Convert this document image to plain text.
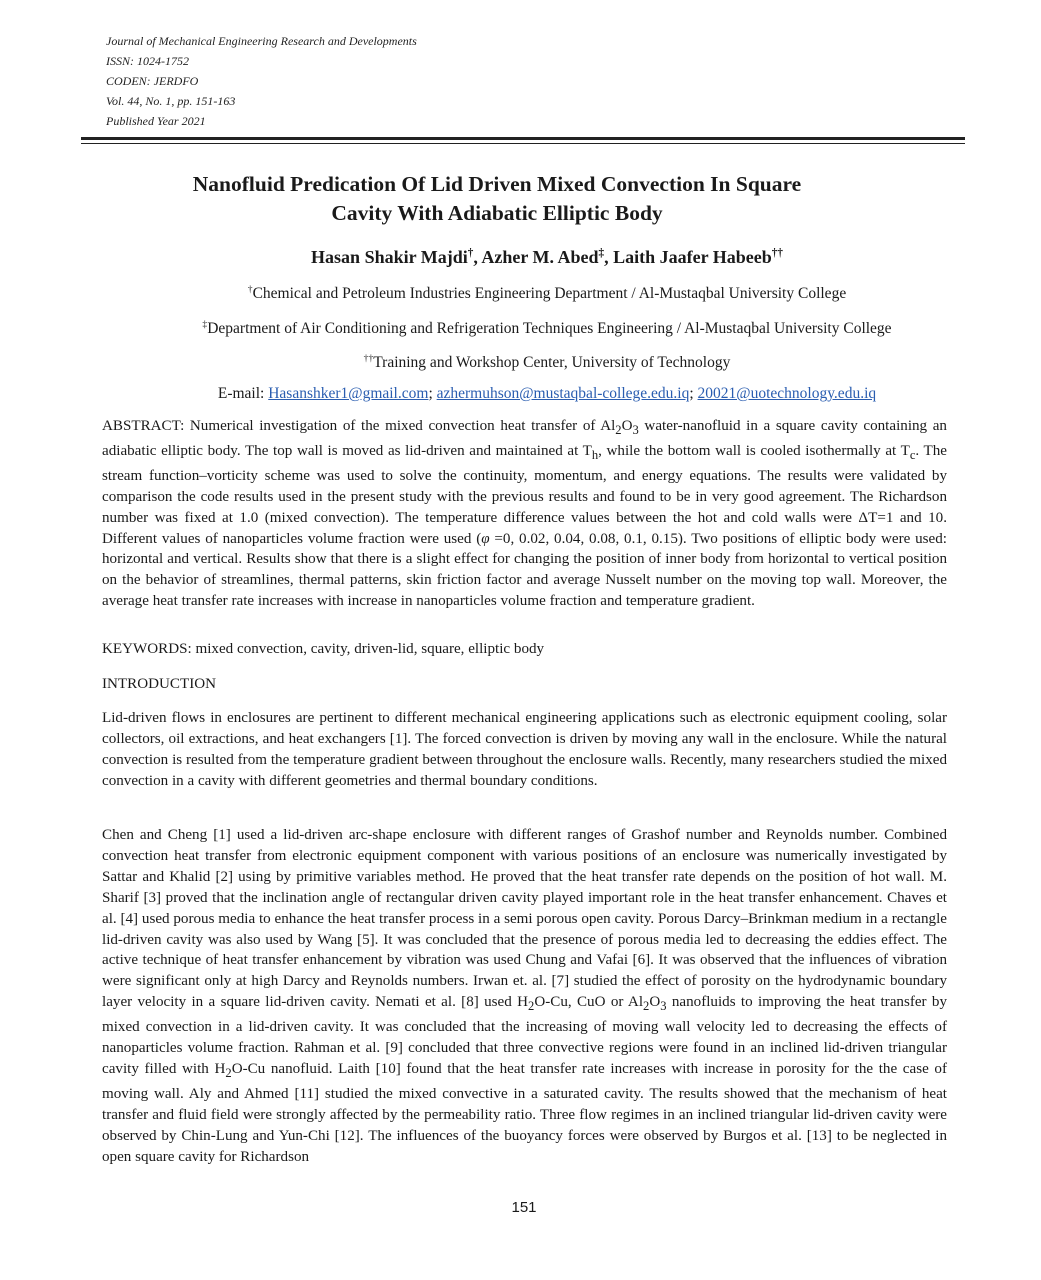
Journal of Mechanical Engineering Research and Developments
ISSN: 1024-1752
CODEN: JERDFO
Vol. 44, No. 1, pp. 151-163
Published Year 2021
Nanofluid Predication Of Lid Driven Mixed Convection In Square
Cavity With Adiabatic Elliptic Body
Hasan Shakir Majdi†, Azher M. Abed‡, Laith Jaafer Habeeb††
†Chemical and Petroleum Industries Engineering Department / Al-Mustaqbal University College
‡Department of Air Conditioning and Refrigeration Techniques Engineering / Al-Mustaqbal University College
††Training and Workshop Center, University of Technology
E-mail: Hasanshker1@gmail.com; azhermuhson@mustaqbal-college.edu.iq; 20021@uotechnology.edu.iq
ABSTRACT: Numerical investigation of the mixed convection heat transfer of $Al_2O_3$ water-nanofluid in a square cavity containing an adiabatic elliptic body. The top wall is moved as lid-driven and maintained at $T_h$, while the bottom wall is cooled isothermally at $T_c$. The stream function–vorticity scheme was used to solve the continuity, momentum, and energy equations. The results were validated by comparison the code results used in the present study with the previous results and found to be in very good agreement. The Richardson number was fixed at 1.0 (mixed convection). The temperature difference values between the hot and cold walls were ΔT=1 and 10. Different values of nanoparticles volume fraction were used (φ =0, 0.02, 0.04, 0.08, 0.1, 0.15). Two positions of elliptic body were used: horizontal and vertical. Results show that there is a slight effect for changing the position of inner body from horizontal to vertical position on the behavior of streamlines, thermal patterns, skin friction factor and average Nusselt number on the moving top wall. Moreover, the average heat transfer rate increases with increase in nanoparticles volume fraction and temperature gradient.
KEYWORDS: mixed convection, cavity, driven-lid, square, elliptic body
INTRODUCTION
Lid-driven flows in enclosures are pertinent to different mechanical engineering applications such as electronic equipment cooling, solar collectors, oil extractions, and heat exchangers [1]. The forced convection is driven by moving any wall in the enclosure. While the natural convection is resulted from the temperature gradient between throughout the enclosure walls. Recently, many researchers studied the mixed convection in a cavity with different geometries and thermal boundary conditions.
Chen and Cheng [1] used a lid-driven arc-shape enclosure with different ranges of Grashof number and Reynolds number. Combined convection heat transfer from electronic equipment component with various positions of an enclosure was numerically investigated by Sattar and Khalid [2] using by primitive variables method. He proved that the heat transfer rate depends on the position of hot wall. M. Sharif [3] proved that the inclination angle of rectangular driven cavity played important role in the heat transfer enhancement. Chaves et al. [4] used porous media to enhance the heat transfer process in a semi porous open cavity. Porous Darcy–Brinkman medium in a rectangle lid-driven cavity was also used by Wang [5]. It was concluded that the presence of porous media led to decreasing the eddies effect. The active technique of heat transfer enhancement by vibration was used Chung and Vafai [6]. It was observed that the influences of vibration were significant only at high Darcy and Reynolds numbers. Irwan et. al. [7] studied the effect of porosity on the hydrodynamic boundary layer velocity in a square lid-driven cavity. Nemati et al. [8] used $H_2O-Cu$, CuO or $Al_2O_3$ nanofluids to improving the heat transfer by mixed convection in a lid-driven cavity. It was concluded that the increasing of moving wall velocity led to decreasing the effects of nanoparticles volume fraction. Rahman et al. [9] concluded that three convective regions were found in an inclined lid-driven triangular cavity filled with $H_2O-Cu$ nanofluid. Laith [10] found that the heat transfer rate increases with increase in porosity for the the case of moving wall. Aly and Ahmed [11] studied the mixed convective in a saturated cavity. The results showed that the mechanism of heat transfer and fluid field were strongly affected by the permeability ratio. Three flow regimes in an inclined triangular lid-driven cavity were observed by Chin-Lung and Yun-Chi [12]. The influences of the buoyancy forces were observed by Burgos et al. [13] to be neglected in open square cavity for Richardson
151
